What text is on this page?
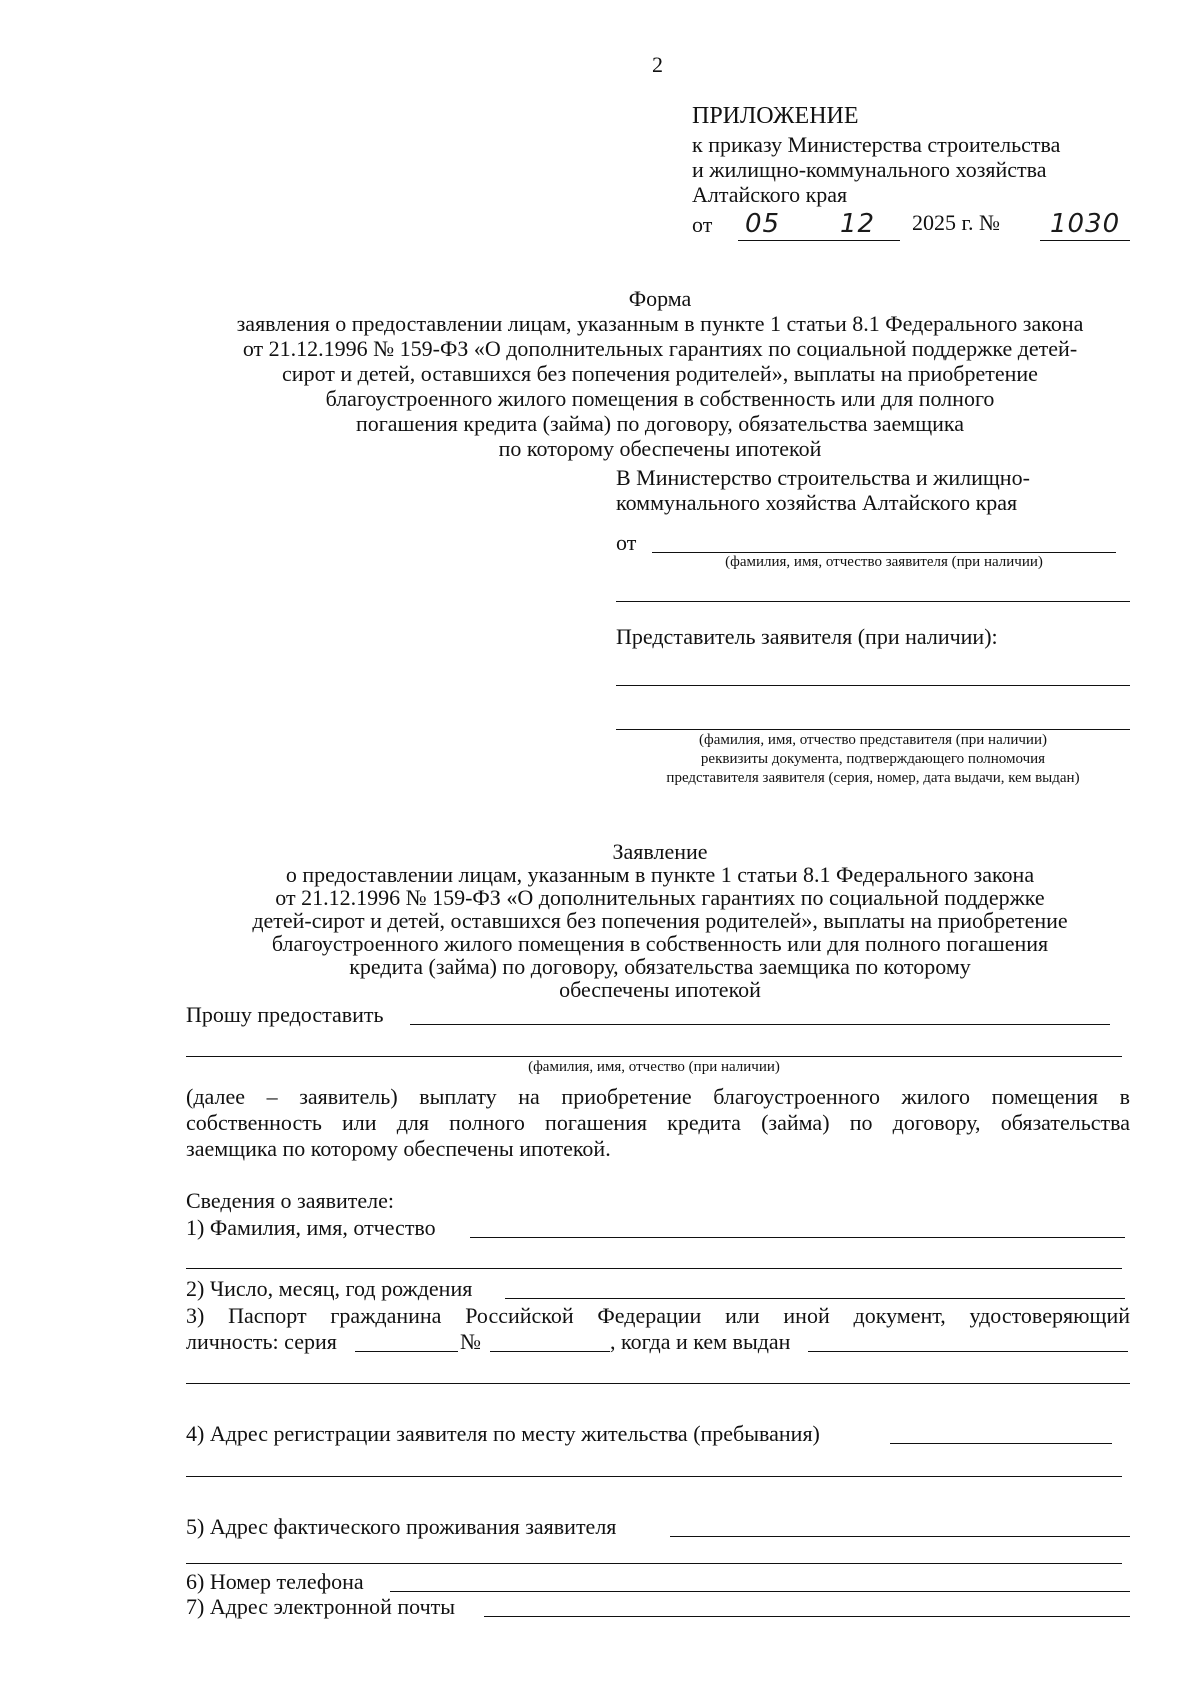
2
ПРИЛОЖЕНИЕ
к приказу Министерства строительства
и жилищно-коммунального хозяйства
Алтайского края
от 05 12 2025 г. № 1030
Форма
заявления о предоставлении лицам, указанным в пункте 1 статьи 8.1 Федерального закона
от 21.12.1996 № 159-ФЗ «О дополнительных гарантиях по социальной поддержке детей-
сирот и детей, оставшихся без попечения родителей», выплаты на приобретение
благоустроенного жилого помещения в собственность или для полного
погашения кредита (займа) по договору, обязательства заемщика
по которому обеспечены ипотекой
В Министерство строительства и жилищно-
коммунального хозяйства Алтайского края
от
(фамилия, имя, отчество заявителя (при наличии)
Представитель заявителя (при наличии):
(фамилия, имя, отчество представителя (при наличии)
реквизиты документа, подтверждающего полномочия
представителя заявителя (серия, номер, дата выдачи, кем выдан)
Заявление
о предоставлении лицам, указанным в пункте 1 статьи 8.1 Федерального закона
от 21.12.1996 № 159-ФЗ «О дополнительных гарантиях по социальной поддержке
детей-сирот и детей, оставшихся без попечения родителей», выплаты на приобретение
благоустроенного жилого помещения в собственность или для полного погашения
кредита (займа) по договору, обязательства заемщика по которому
обеспечены ипотекой
Прошу предоставить
(фамилия, имя, отчество (при наличии)
(далее – заявитель) выплату на приобретение благоустроенного жилого помещения в
собственность или для полного погашения кредита (займа) по договору, обязательства
заемщика по которому обеспечены ипотекой.
Сведения о заявителе:
1) Фамилия, имя, отчество
2) Число, месяц, год рождения
3) Паспорт гражданина Российской Федерации или иной документ, удостоверяющий
личность: серия	№	, когда и кем выдан
4) Адрес регистрации заявителя по месту жительства (пребывания)
5) Адрес фактического проживания заявителя
6) Номер телефона
7) Адрес электронной почты
